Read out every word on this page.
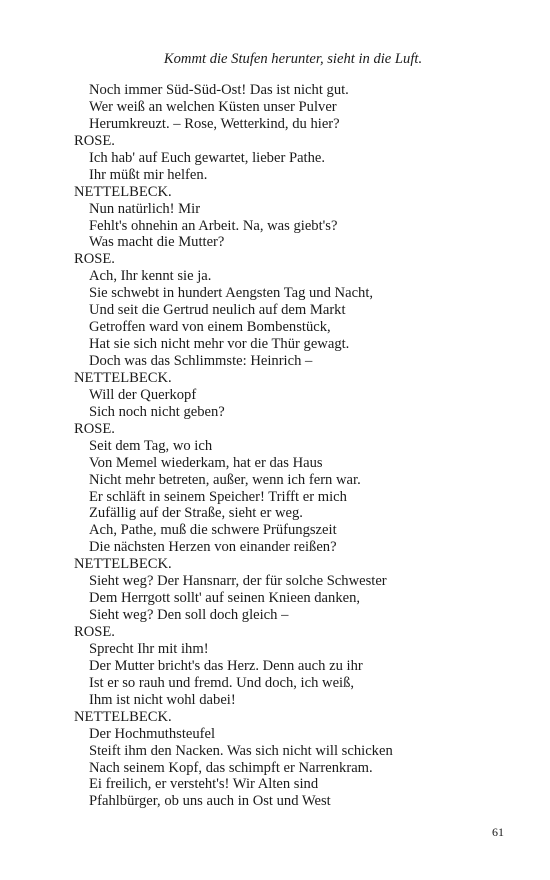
Kommt die Stufen herunter, sieht in die Luft.
Noch immer Süd-Süd-Ost! Das ist nicht gut.
Wer weiß an welchen Küsten unser Pulver
Herumkreuzt. – Rose, Wetterkind, du hier?
ROSE.
Ich hab' auf Euch gewartet, lieber Pathe.
Ihr müßt mir helfen.
NETTELBECK.
Nun natürlich! Mir
Fehlt's ohnehin an Arbeit. Na, was giebt's?
Was macht die Mutter?
ROSE.
Ach, Ihr kennt sie ja.
Sie schwebt in hundert Aengsten Tag und Nacht,
Und seit die Gertrud neulich auf dem Markt
Getroffen ward von einem Bombenstück,
Hat sie sich nicht mehr vor die Thür gewagt.
Doch was das Schlimmste: Heinrich –
NETTELBECK.
Will der Querkopf
Sich noch nicht geben?
ROSE.
Seit dem Tag, wo ich
Von Memel wiederkam, hat er das Haus
Nicht mehr betreten, außer, wenn ich fern war.
Er schläft in seinem Speicher! Trifft er mich
Zufällig auf der Straße, sieht er weg.
Ach, Pathe, muß die schwere Prüfungszeit
Die nächsten Herzen von einander reißen?
NETTELBECK.
Sieht weg? Der Hansnarr, der für solche Schwester
Dem Herrgott sollt' auf seinen Knieen danken,
Sieht weg? Den soll doch gleich –
ROSE.
Sprecht Ihr mit ihm!
Der Mutter bricht's das Herz. Denn auch zu ihr
Ist er so rauh und fremd. Und doch, ich weiß,
Ihm ist nicht wohl dabei!
NETTELBECK.
Der Hochmuthsteufel
Steift ihm den Nacken. Was sich nicht will schicken
Nach seinem Kopf, das schimpft er Narrenkram.
Ei freilich, er versteht's! Wir Alten sind
Pfahlbürger, ob uns auch in Ost und West
61
